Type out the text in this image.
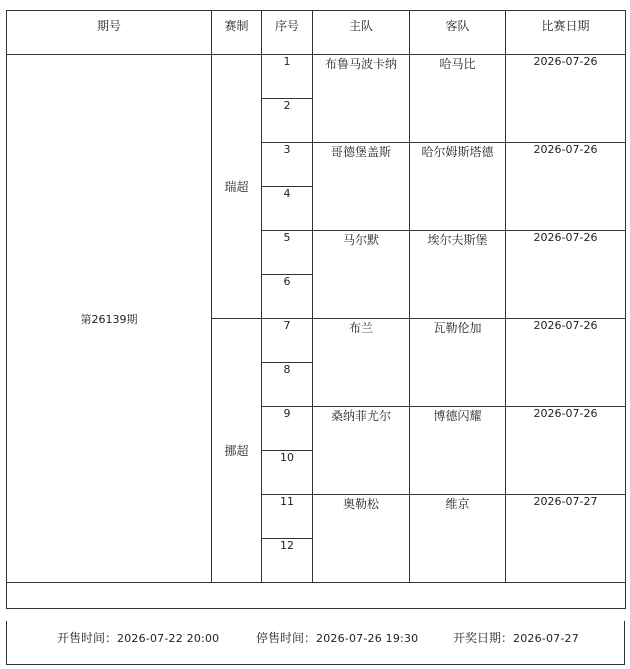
期号	赛制	序号	主队	客队	比赛日期
第26139期	瑞超	1	布鲁马波卡纳	哈马比	2026-07-26
		2			
		3	哥德堡盖斯	哈尔姆斯塔德	2026-07-26
		4			
		5	马尔默	埃尔夫斯堡	2026-07-26
		6			
	挪超	7	布兰	瓦勒伦加	2026-07-26
		8			
		9	桑纳菲尤尔	博德闪耀	2026-07-26
		10			
		11	奥勒松	维京	2026-07-27
		12			

开售时间：2026-07-22 20:00	停售时间：2026-07-26 19:30	开奖日期：2026-07-27
